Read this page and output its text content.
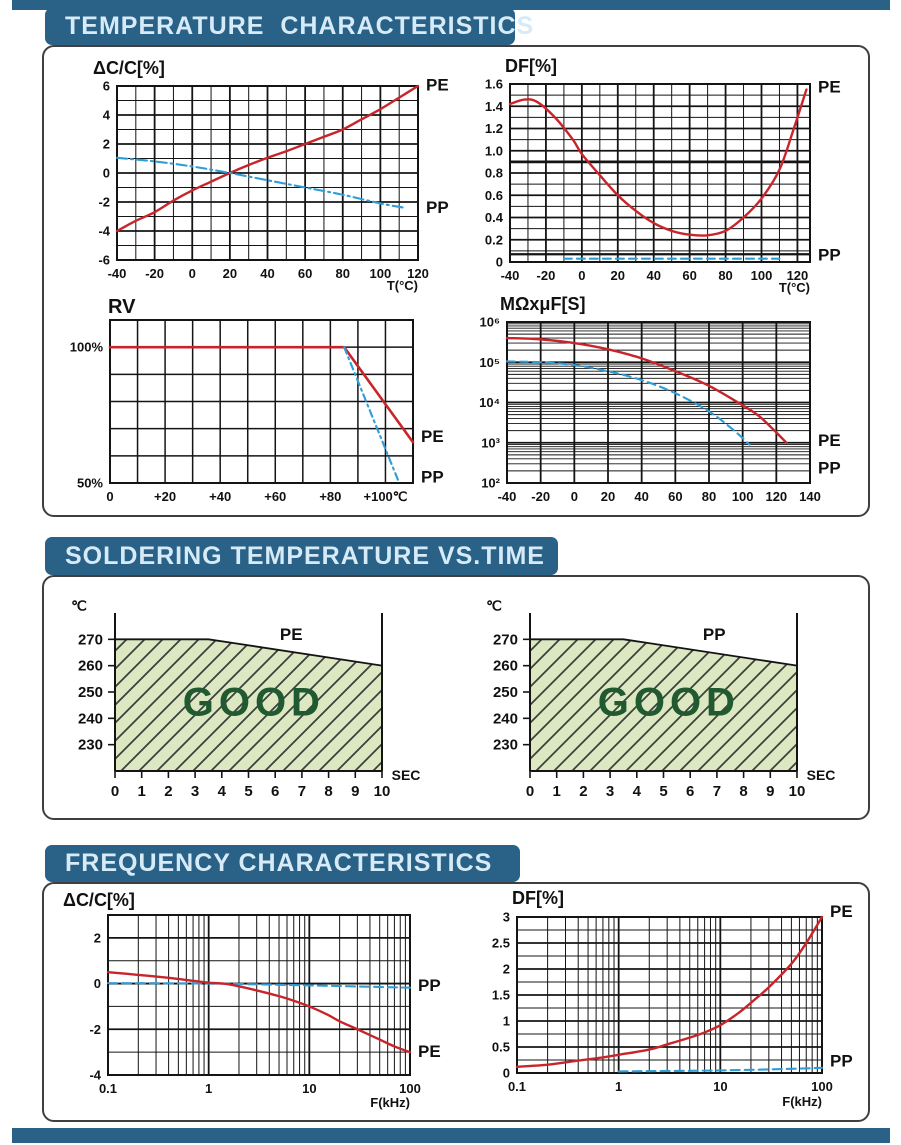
TEMPERATURE  CHARACTERISTICS
SOLDERING TEMPERATURE VS.TIME
FREQUENCY CHARACTERISTICS
ΔC/C[%]
T(°C)
-40 -20 0 20 40 60 80 100 120
6
4
2
0
-2
-4
-6
PE
PP
DF[%]
T(°C)
-40 -20 0 20 40 60 80 100 120
1.6
1.4
1.2
1.0
0.8
0.6
0.4
0.2
0
PE
PP
RV
0	+20	+40	+60	+80 +100℃
100%
50%
PE
PP
MΩxμF[S]
-40 -20 0 20 40 60 80 100 120 140
10⁶
10⁵
10⁴
10³
10²
PE
PP
0 1 2 3 4 5 6 7 8 9 10
270
260
250
240
230
℃
SEC
GOOD
PE
0 1 2 3 4 5 6 7 8 9 10
270
260
250
240
230
℃
SEC
GOOD
PP
ΔC/C[%]
F(kHz)
0.1	1	10	100
2
0
-2
-4
PP
PE
DF[%]
F(kHz)
0.1	1	10	100
3
2.5
2
1.5
1
0.5
0
PE
PP
